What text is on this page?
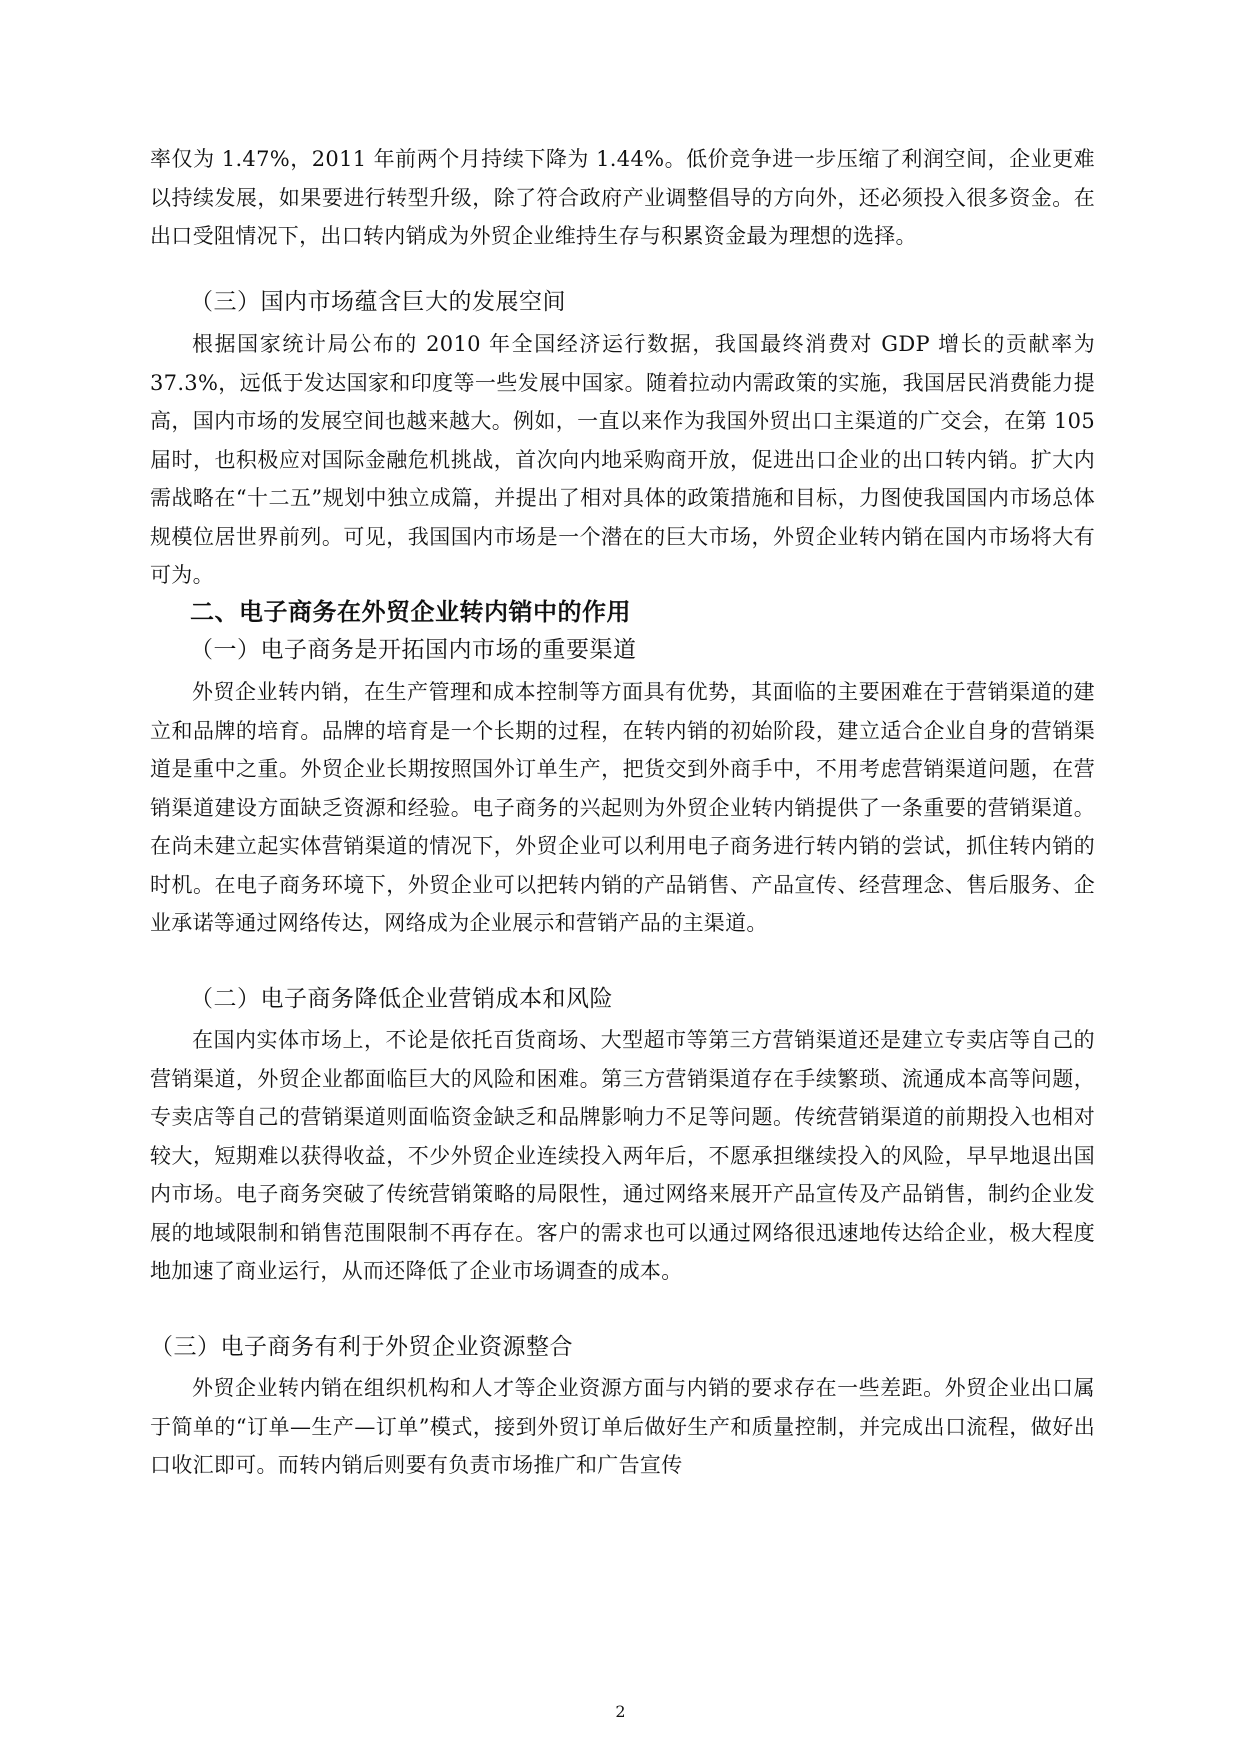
率仅为 1.47%，2011 年前两个月持续下降为 1.44%。低价竞争进一步压缩了利润空间，企业更难以持续发展，如果要进行转型升级，除了符合政府产业调整倡导的方向外，还必须投入很多资金。在出口受阻情况下，出口转内销成为外贸企业维持生存与积累资金最为理想的选择。

（三）国内市场蕴含巨大的发展空间

根据国家统计局公布的 2010 年全国经济运行数据，我国最终消费对 GDP 增长的贡献率为 37.3%，远低于发达国家和印度等一些发展中国家。随着拉动内需政策的实施，我国居民消费能力提高，国内市场的发展空间也越来越大。例如，一直以来作为我国外贸出口主渠道的广交会，在第 105 届时，也积极应对国际金融危机挑战，首次向内地采购商开放，促进出口企业的出口转内销。扩大内需战略在“十二五”规划中独立成篇，并提出了相对具体的政策措施和目标，力图使我国国内市场总体规模位居世界前列。可见，我国国内市场是一个潜在的巨大市场，外贸企业转内销在国内市场将大有可为。

二、电子商务在外贸企业转内销中的作用
（一）电子商务是开拓国内市场的重要渠道

外贸企业转内销，在生产管理和成本控制等方面具有优势，其面临的主要困难在于营销渠道的建立和品牌的培育。品牌的培育是一个长期的过程，在转内销的初始阶段，建立适合企业自身的营销渠道是重中之重。外贸企业长期按照国外订单生产，把货交到外商手中，不用考虑营销渠道问题，在营销渠道建设方面缺乏资源和经验。电子商务的兴起则为外贸企业转内销提供了一条重要的营销渠道。在尚未建立起实体营销渠道的情况下，外贸企业可以利用电子商务进行转内销的尝试，抓住转内销的时机。在电子商务环境下，外贸企业可以把转内销的产品销售、产品宣传、经营理念、售后服务、企业承诺等通过网络传达，网络成为企业展示和营销产品的主渠道。

（二）电子商务降低企业营销成本和风险

在国内实体市场上，不论是依托百货商场、大型超市等第三方营销渠道还是建立专卖店等自己的营销渠道，外贸企业都面临巨大的风险和困难。第三方营销渠道存在手续繁琐、流通成本高等问题，专卖店等自己的营销渠道则面临资金缺乏和品牌影响力不足等问题。传统营销渠道的前期投入也相对较大，短期难以获得收益，不少外贸企业连续投入两年后，不愿承担继续投入的风险，早早地退出国内市场。电子商务突破了传统营销策略的局限性，通过网络来展开产品宣传及产品销售，制约企业发展的地域限制和销售范围限制不再存在。客户的需求也可以通过网络很迅速地传达给企业，极大程度地加速了商业运行，从而还降低了企业市场调查的成本。

（三）电子商务有利于外贸企业资源整合

外贸企业转内销在组织机构和人才等企业资源方面与内销的要求存在一些差距。外贸企业出口属于简单的“订单—生产—订单”模式，接到外贸订单后做好生产和质量控制，并完成出口流程，做好出口收汇即可。而转内销后则要有负责市场推广和广告宣传

2
